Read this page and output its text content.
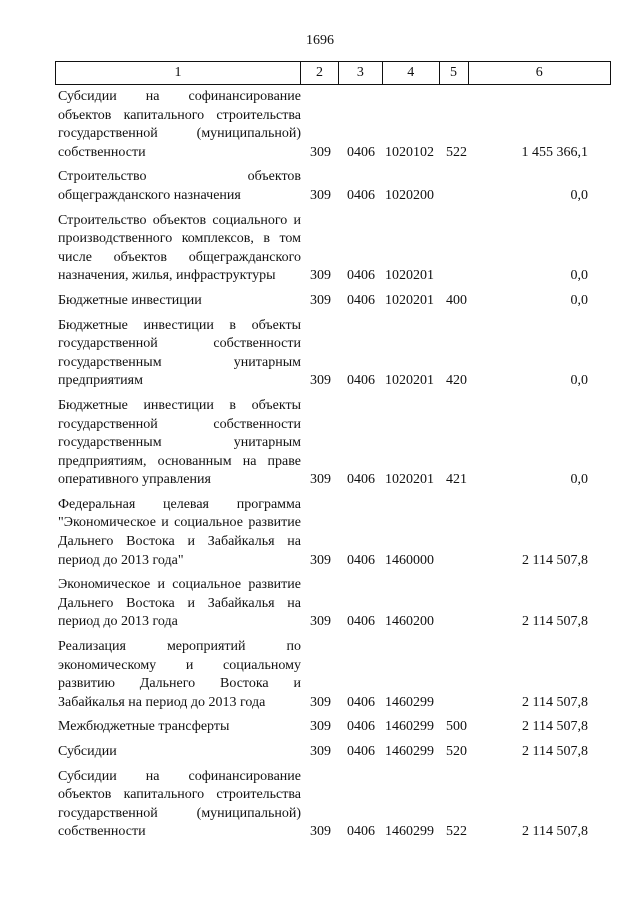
1696
1	2	3	4	5	6
Субсидии на софинансирование объектов капитального строительства государственной (муниципальной) собственности	309 0406 1020102 522	1 455 366,1
Строительство объектов общегражданского назначения	309 0406 1020200	0,0
Строительство объектов социального и производственного комплексов, в том числе объектов общегражданского назначения, жилья, инфраструктуры	309 0406 1020201	0,0
Бюджетные инвестиции	309 0406 1020201 400	0,0
Бюджетные инвестиции в объекты государственной собственности государственным унитарным предприятиям	309 0406 1020201 420	0,0
Бюджетные инвестиции в объекты государственной собственности государственным унитарным предприятиям, основанным на праве оперативного управления	309 0406 1020201 421	0,0
Федеральная целевая программа "Экономическое и социальное развитие Дальнего Востока и Забайкалья на период до 2013 года"	309 0406 1460000	2 114 507,8
Экономическое и социальное развитие Дальнего Востока и Забайкалья на период до 2013 года	309 0406 1460200	2 114 507,8
Реализация мероприятий по экономическому и социальному развитию Дальнего Востока и Забайкалья на период до 2013 года	309 0406 1460299	2 114 507,8
Межбюджетные трансферты	309 0406 1460299 500	2 114 507,8
Субсидии	309 0406 1460299 520	2 114 507,8
Субсидии на софинансирование объектов капитального строительства государственной (муниципальной) собственности	309 0406 1460299 522	2 114 507,8
